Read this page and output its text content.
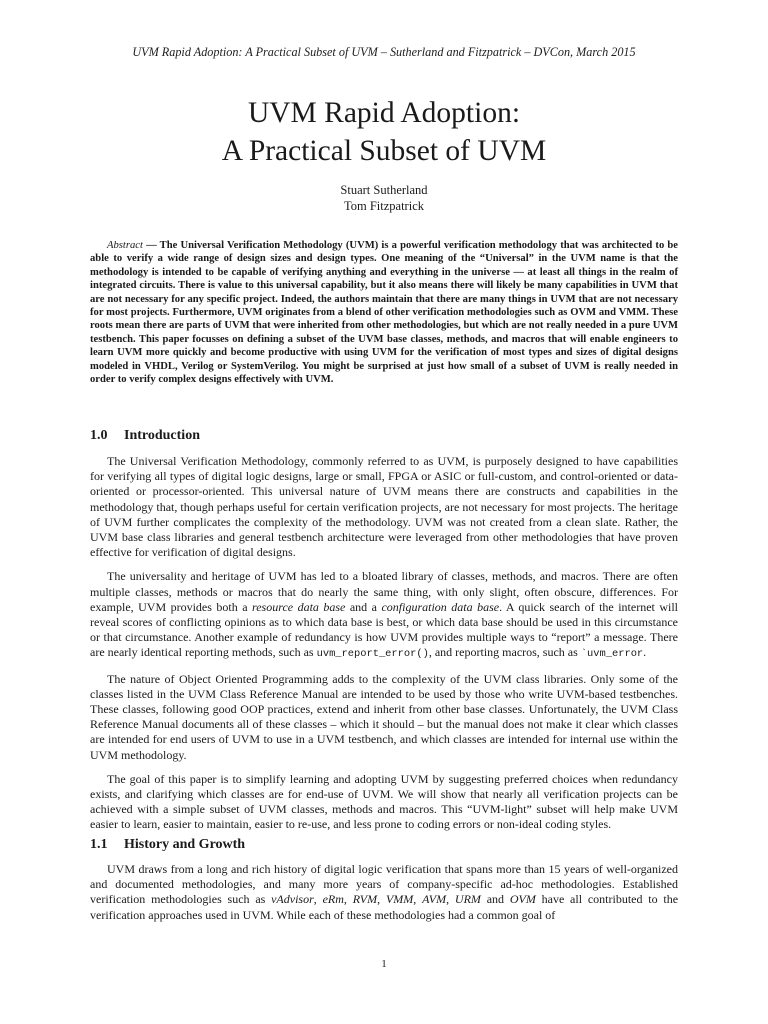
UVM Rapid Adoption: A Practical Subset of UVM – Sutherland and Fitzpatrick – DVCon, March 2015
UVM Rapid Adoption:
A Practical Subset of UVM
Stuart Sutherland
Tom Fitzpatrick

Abstract — The Universal Verification Methodology (UVM) is a powerful verification methodology that was architected to be able to verify a wide range of design sizes and design types. One meaning of the “Universal” in the UVM name is that the methodology is intended to be capable of verifying anything and everything in the universe — at least all things in the realm of integrated circuits. There is value to this universal capability, but it also means there will likely be many capabilities in UVM that are not necessary for any specific project. Indeed, the authors maintain that there are many things in UVM that are not necessary for most projects. Furthermore, UVM originates from a blend of other verification methodologies such as OVM and VMM. These roots mean there are parts of UVM that were inherited from other methodologies, but which are not really needed in a pure UVM testbench. This paper focusses on defining a subset of the UVM base classes, methods, and macros that will enable engineers to learn UVM more quickly and become productive with using UVM for the verification of most types and sizes of digital designs modeled in VHDL, Verilog or SystemVerilog. You might be surprised at just how small of a subset of UVM is really needed in order to verify complex designs effectively with UVM.

1.0 Introduction

The Universal Verification Methodology, commonly referred to as UVM, is purposely designed to have capabilities for verifying all types of digital logic designs, large or small, FPGA or ASIC or full-custom, and control-oriented or data-oriented or processor-oriented. This universal nature of UVM means there are constructs and capabilities in the methodology that, though perhaps useful for certain verification projects, are not necessary for most projects. The heritage of UVM further complicates the complexity of the methodology. UVM was not created from a clean slate. Rather, the UVM base class libraries and general testbench architecture were leveraged from other methodologies that have proven effective for verification of digital designs.

The universality and heritage of UVM has led to a bloated library of classes, methods, and macros. There are often multiple classes, methods or macros that do nearly the same thing, with only slight, often obscure, differences. For example, UVM provides both a resource data base and a configuration data base. A quick search of the internet will reveal scores of conflicting opinions as to which data base is best, or which data base should be used in this circumstance or that circumstance. Another example of redundancy is how UVM provides multiple ways to “report” a message. There are nearly identical reporting methods, such as uvm_report_error(), and reporting macros, such as `uvm_error.

The nature of Object Oriented Programming adds to the complexity of the UVM class libraries. Only some of the classes listed in the UVM Class Reference Manual are intended to be used by those who write UVM-based testbenches. These classes, following good OOP practices, extend and inherit from other base classes. Unfortunately, the UVM Class Reference Manual documents all of these classes – which it should – but the manual does not make it clear which classes are intended for end users of UVM to use in a UVM testbench, and which classes are intended for internal use within the UVM methodology.

The goal of this paper is to simplify learning and adopting UVM by suggesting preferred choices when redundancy exists, and clarifying which classes are for end-use of UVM. We will show that nearly all verification projects can be achieved with a simple subset of UVM classes, methods and macros. This “UVM-light” subset will help make UVM easier to learn, easier to maintain, easier to re-use, and less prone to coding errors or non-ideal coding styles.

1.1 History and Growth

UVM draws from a long and rich history of digital logic verification that spans more than 15 years of well-organized and documented methodologies, and many more years of company-specific ad-hoc methodologies. Established verification methodologies such as vAdvisor, eRm, RVM, VMM, AVM, URM and OVM have all contributed to the verification approaches used in UVM. While each of these methodologies had a common goal of

1
